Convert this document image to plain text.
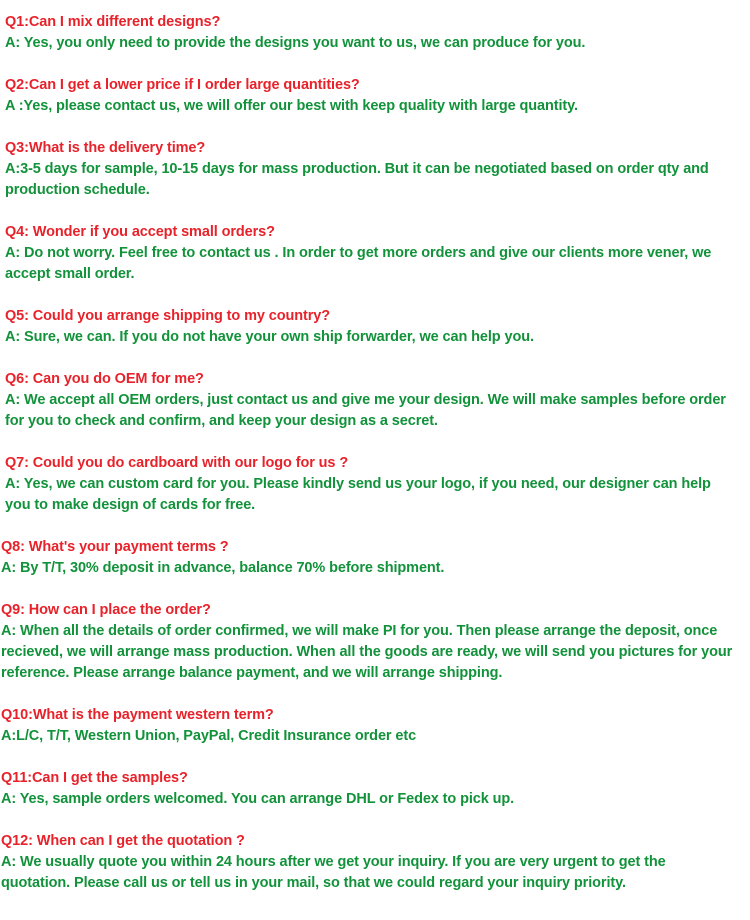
Q1:Can I mix different designs?
A: Yes, you only need to provide the designs you want to us, we can produce for you.
Q2:Can I get a lower price if I order large quantities?
A :Yes, please contact us, we will offer our best with keep quality with large quantity.
Q3:What is the delivery time?
A:3-5 days for sample, 10-15 days for mass production. But it can be negotiated based on order qty and
production schedule.
Q4: Wonder if you accept small orders?
A: Do not worry. Feel free to contact us . In order to get more orders and give our clients more vener, we
accept small order.
Q5: Could you arrange shipping to my country?
A: Sure, we can. If you do not have your own ship forwarder, we can help you.
Q6: Can you do OEM for me?
A: We accept all OEM orders, just contact us and give me your design. We will make samples before order
for you to check and confirm, and keep your design as a secret.
Q7: Could you do cardboard with our logo for us ?
A: Yes, we can custom card for you. Please kindly send us your logo, if you need, our designer can help
you to make design of cards for free.
Q8: What's your payment terms ?
A: By T/T, 30% deposit in advance, balance 70% before shipment.
Q9: How can I place the order?
A: When all the details of order confirmed, we will make PI for you. Then please arrange the deposit, once
recieved, we will arrange mass production. When all the goods are ready, we will send you pictures for your
reference. Please arrange balance payment, and we will arrange shipping.
Q10:What is the payment western term?
A:L/C, T/T, Western Union, PayPal, Credit Insurance order etc
Q11:Can I get the samples?
A: Yes, sample orders welcomed. You can arrange DHL or Fedex to pick up.
Q12: When can I get the quotation ?
A: We usually quote you within 24 hours after we get your inquiry. If you are very urgent to get the
quotation. Please call us or tell us in your mail, so that we could regard your inquiry priority.
